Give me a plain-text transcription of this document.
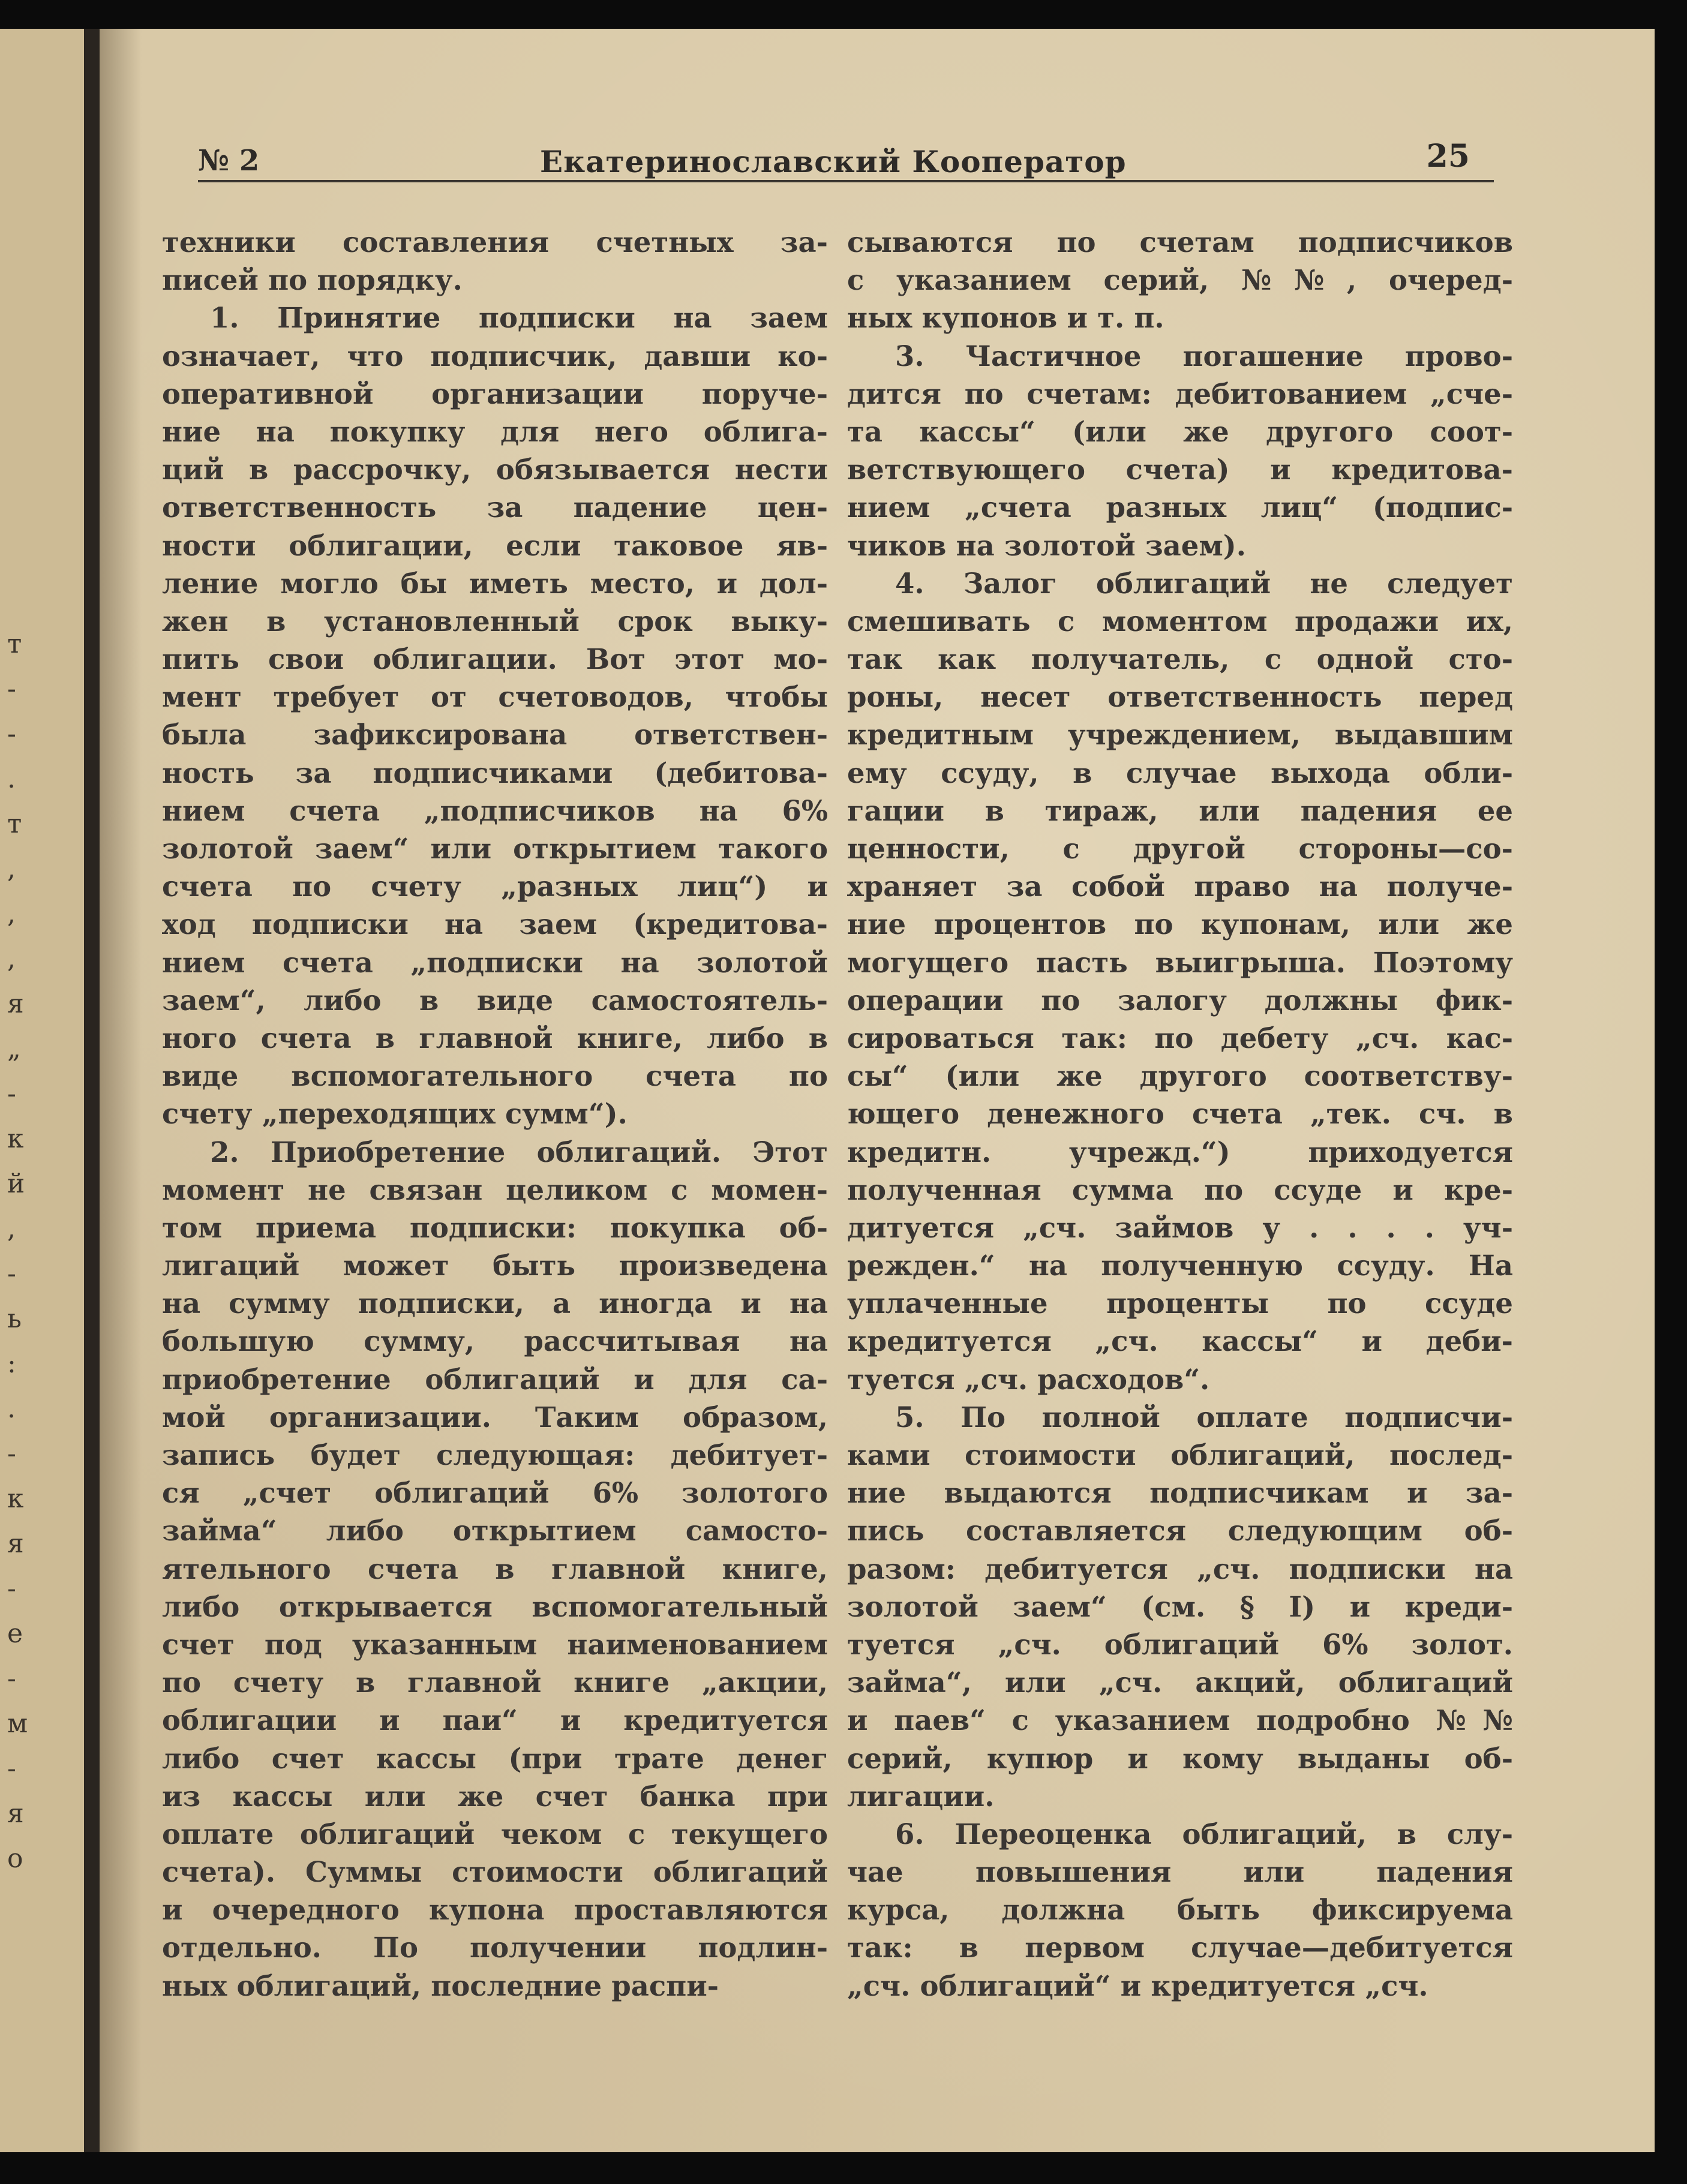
т
-
-
.
т
,
,
,
я
„
-
к
й
,
-
ь
:
.
-
к
я
-
е
-
м
-
я
о
№ 2	Екатеринославский Кооператор	25
техники составления счетных за-
писей по порядку.
1. Принятие подписки на заем
означает, что подписчик, давши ко-
оперативной организации поруче-
ние на покупку для него облига-
ций в рассрочку, обязывается нести
ответственность за падение цен-
ности облигации, если таковое яв-
ление могло бы иметь место, и дол-
жен в установленный срок выку-
пить свои облигации. Вот этот мо-
мент требует от счетоводов, чтобы
была зафиксирована ответствен-
ность за подписчиками (дебитова-
нием счета „подписчиков на 6%
золотой заем“ или открытием такого
счета по счету „разных лиц“) и
ход подписки на заем (кредитова-
нием счета „подписки на золотой
заем“, либо в виде самостоятель-
ного счета в главной книге, либо в
виде вспомогательного счета по
счету „переходящих сумм“).
2. Приобретение облигаций. Этот
момент не связан целиком с момен-
том приема подписки: покупка об-
лигаций может быть произведена
на сумму подписки, а иногда и на
большую сумму, рассчитывая на
приобретение облигаций и для са-
мой организации. Таким образом,
запись будет следующая: дебитует-
ся „счет облигаций 6% золотого
займа“ либо открытием самосто-
ятельного счета в главной книге,
либо открывается вспомогательный
счет под указанным наименованием
по счету в главной книге „акции,
облигации и паи“ и кредитуется
либо счет кассы (при трате денег
из кассы или же счет банка при
оплате облигаций чеком с текущего
счета). Суммы стоимости облигаций
и очередного купона проставляются
отдельно. По получении подлин-
ных облигаций, последние распи-
сываются по счетам подписчиков
с указанием серий, №№, очеред-
ных купонов и т. п.
3. Частичное погашение прово-
дится по счетам: дебитованием „сче-
та кассы“ (или же другого соот-
ветствующего счета) и кредитова-
нием „счета разных лиц“ (подпис-
чиков на золотой заем).
4. Залог облигаций не следует
смешивать с моментом продажи их,
так как получатель, с одной сто-
роны, несет ответственность перед
кредитным учреждением, выдавшим
ему ссуду, в случае выхода обли-
гации в тираж, или падения ее
ценности, с другой стороны—со-
храняет за собой право на получе-
ние процентов по купонам, или же
могущего пасть выигрыша. Поэтому
операции по залогу должны фик-
сироваться так: по дебету „сч. кас-
сы“ (или же другого соответству-
ющего денежного счета „тек. сч. в
кредитн. учрежд.“) приходуется
полученная сумма по ссуде и кре-
дитуется „сч. займов у . . . . уч-
режден.“ на полученную ссуду. На
уплаченные проценты по ссуде
кредитуется „сч. кассы“ и деби-
туется „сч. расходов“.
5. По полной оплате подписчи-
ками стоимости облигаций, послед-
ние выдаются подписчикам и за-
пись составляется следующим об-
разом: дебитуется „сч. подписки на
золотой заем“ (см. § I) и креди-
туется „сч. облигаций 6% золот.
займа“, или „сч. акций, облигаций
и паев“ с указанием подробно №№
серий, купюр и кому выданы об-
лигации.
6. Переоценка облигаций, в слу-
чае повышения или падения
курса, должна быть фиксируема
так: в первом случае—дебитуется
„сч. облигаций“ и кредитуется „сч.
